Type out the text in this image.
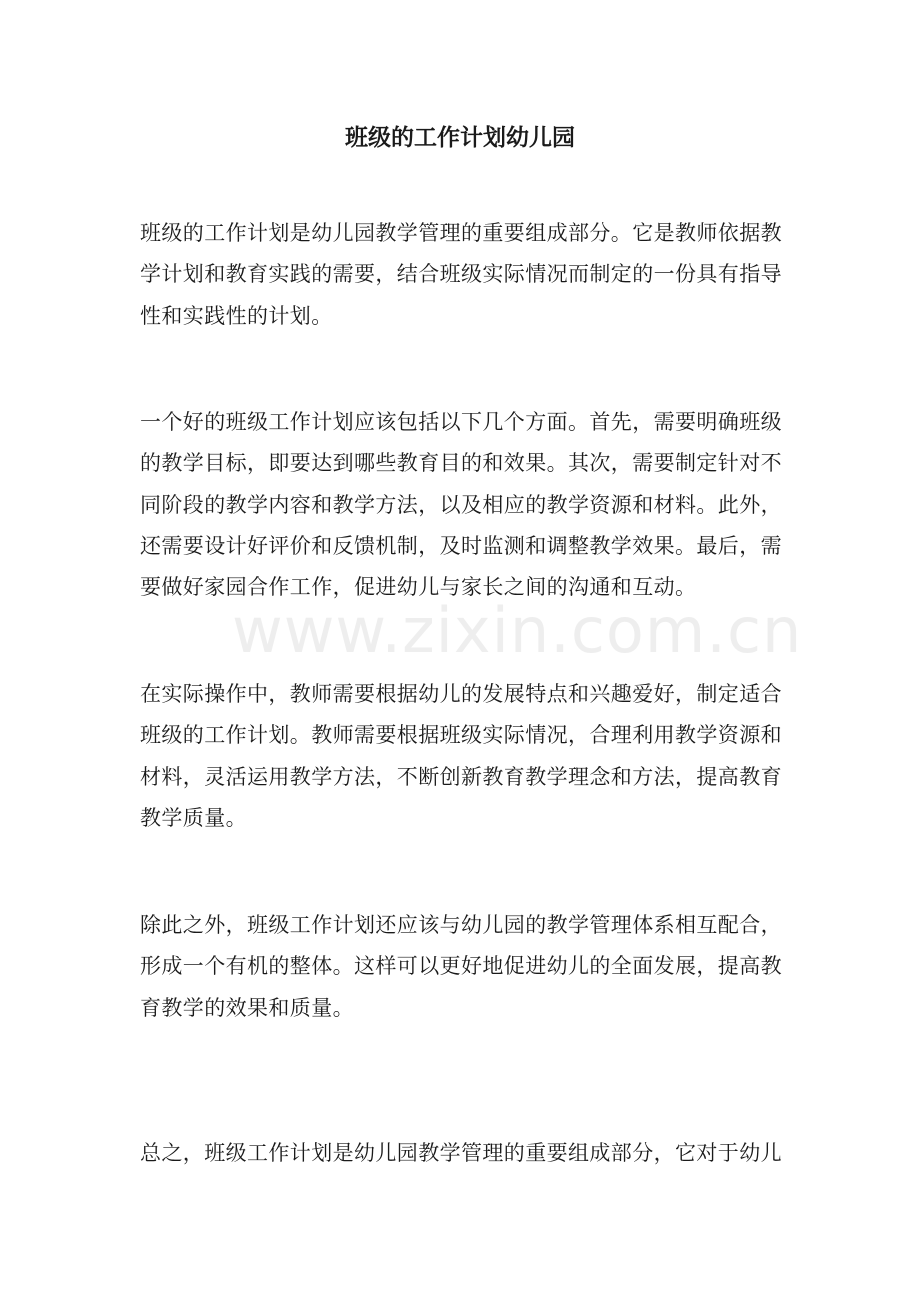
班级的工作计划幼儿园

班级的工作计划是幼儿园教学管理的重要组成部分。它是教师依据教学计划和教育实践的需要，结合班级实际情况而制定的一份具有指导性和实践性的计划。

一个好的班级工作计划应该包括以下几个方面。首先，需要明确班级的教学目标，即要达到哪些教育目的和效果。其次，需要制定针对不同阶段的教学内容和教学方法，以及相应的教学资源和材料。此外，还需要设计好评价和反馈机制，及时监测和调整教学效果。最后，需要做好家园合作工作，促进幼儿与家长之间的沟通和互动。

在实际操作中，教师需要根据幼儿的发展特点和兴趣爱好，制定适合班级的工作计划。教师需要根据班级实际情况，合理利用教学资源和材料，灵活运用教学方法，不断创新教育教学理念和方法，提高教育教学质量。

除此之外，班级工作计划还应该与幼儿园的教学管理体系相互配合，形成一个有机的整体。这样可以更好地促进幼儿的全面发展，提高教育教学的效果和质量。

总之，班级工作计划是幼儿园教学管理的重要组成部分，它对于幼儿

www.zixin.com.cn
